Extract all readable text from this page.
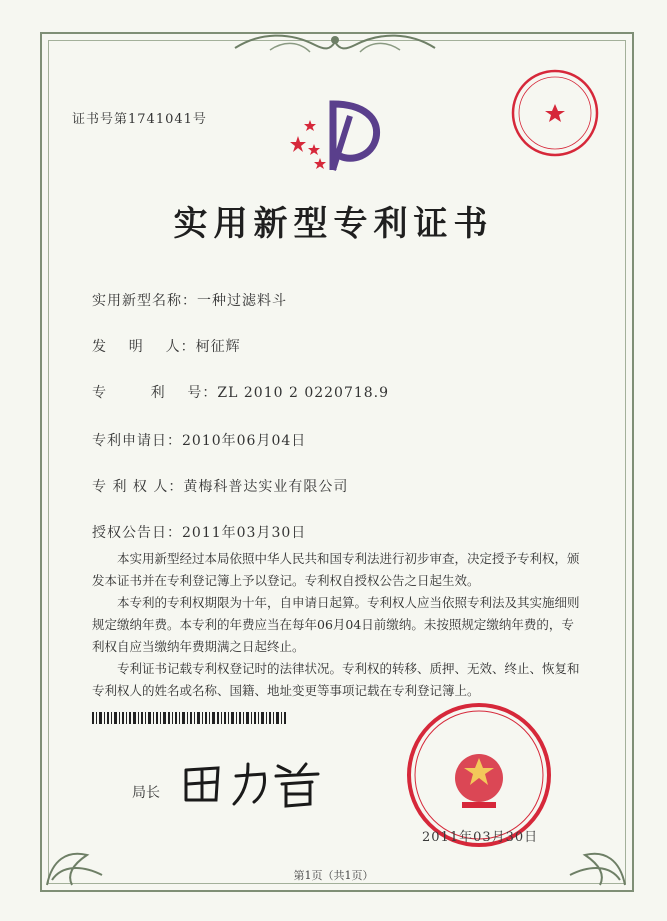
证书号第1741041号
实用新型专利证书
实用新型名称：一种过滤料斗
发    明    人：柯征辉
专        利    号：ZL 2010 2 0220718.9
专利申请日：2010年06月04日
专 利 权 人：黄梅科普达实业有限公司
授权公告日：2011年03月30日

本实用新型经过本局依照中华人民共和国专利法进行初步审查，决定授予专利权，颁发本证书并在专利登记簿上予以登记。专利权自授权公告之日起生效。

本专利的专利权期限为十年，自申请日起算。专利权人应当依照专利法及其实施细则规定缴纳年费。本专利的年费应当在每年06月04日前缴纳。未按照规定缴纳年费的，专利权自应当缴纳年费期满之日起终止。

专利证书记载专利权登记时的法律状况。专利权的转移、质押、无效、终止、恢复和专利权人的姓名或名称、国籍、地址变更等事项记载在专利登记簿上。

局长
2011年03月30日
第1页（共1页）
